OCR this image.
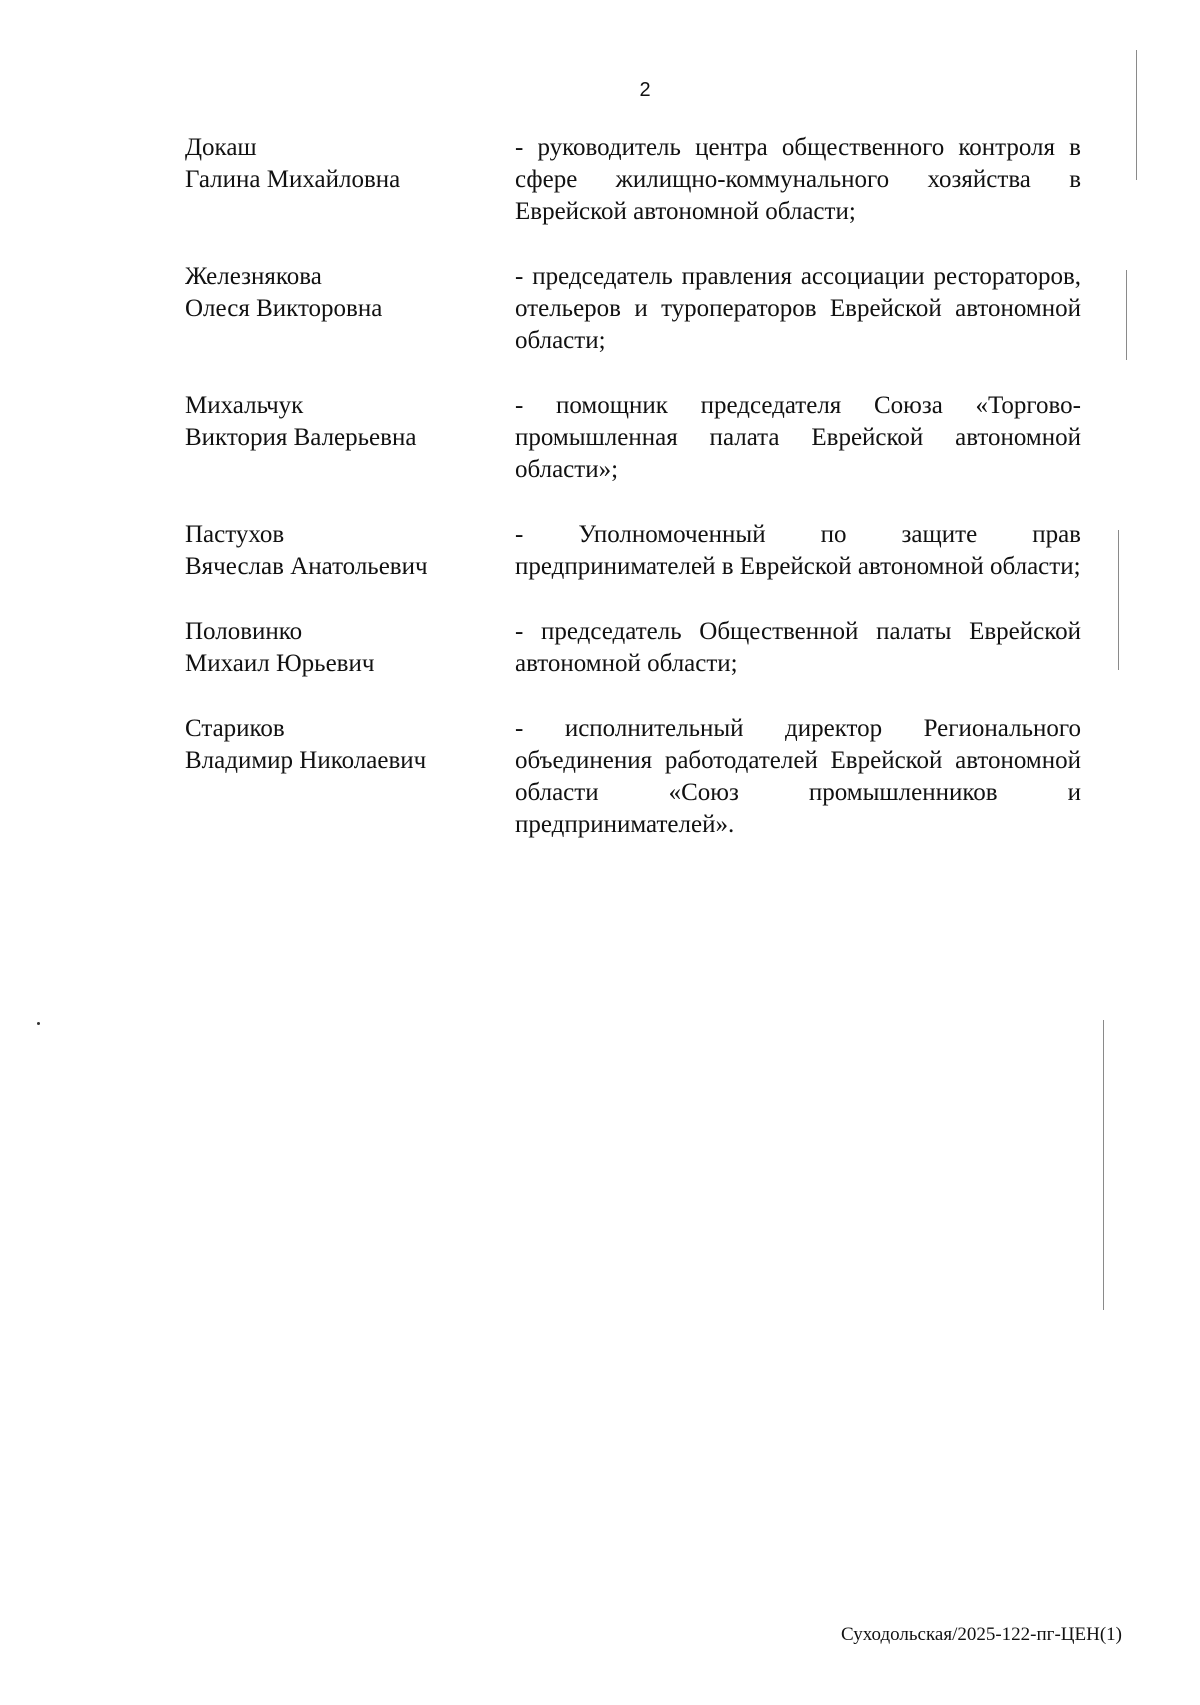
2
Докаш
Галина Михайловна
- руководитель центра общественного контроля в сфере жилищно-коммунального хозяйства в Еврейской автономной области;
Железнякова
Олеся Викторовна
- председатель правления ассоциации рестораторов, отельеров и туроператоров Еврейской автономной области;
Михальчук
Виктория Валерьевна
- помощник председателя Союза «Торгово-промышленная палата Еврейской автономной области»;
Пастухов
Вячеслав Анатольевич
- Уполномоченный по защите прав предпринимателей в Еврейской автономной области;
Половинко
Михаил Юрьевич
- председатель Общественной палаты Еврейской автономной области;
Стариков
Владимир Николаевич
- исполнительный директор Регионального объединения работодателей Еврейской автономной области «Союз промышленников и предпринимателей».
Суходольская/2025-122-пг-ЦЕН(1)
